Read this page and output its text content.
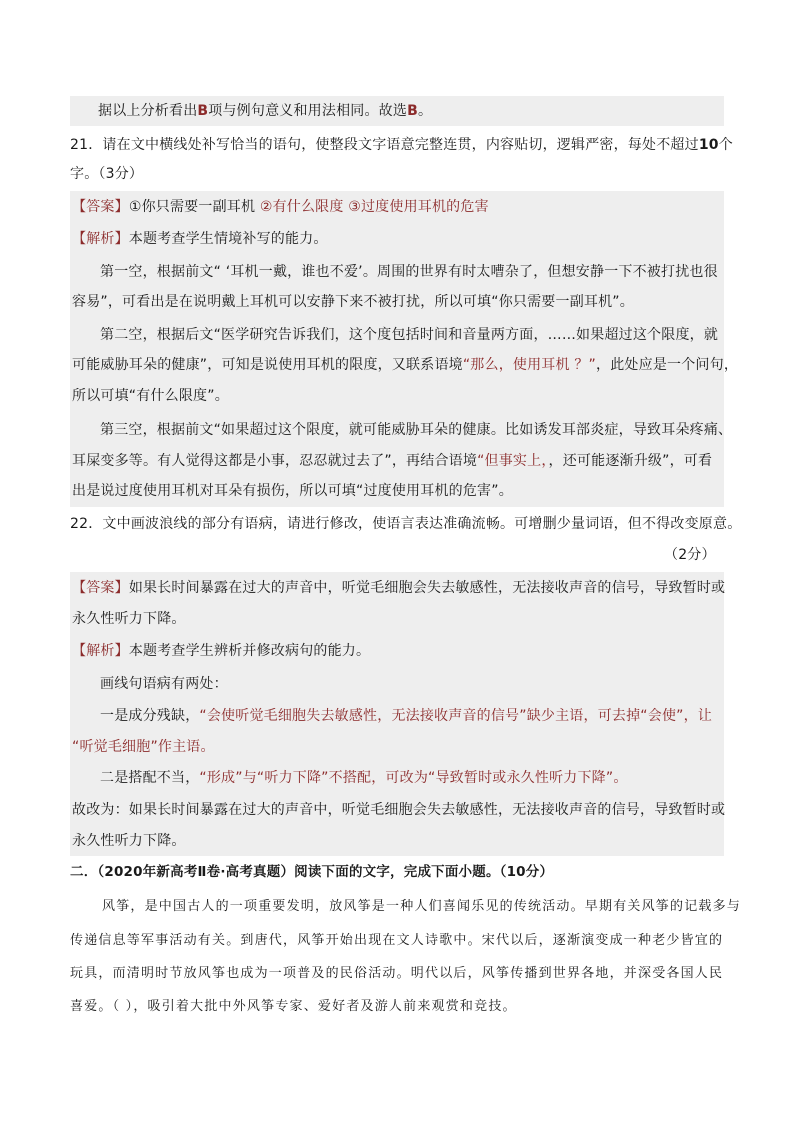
据以上分析看出B项与例句意义和用法相同。故选B。
21．请在文中横线处补写恰当的语句，使整段文字语意完整连贯，内容贴切，逻辑严密，每处不超过10个
字。（3分）
【答案】①你只需要一副耳机 ②有什么限度 ③过度使用耳机的危害
【解析】本题考查学生情境补写的能力。
第一空，根据前文“ ‘耳机一戴，谁也不爱’。周围的世界有时太嘈杂了，但想安静一下不被打扰也很
容易”，可看出是在说明戴上耳机可以安静下来不被打扰，所以可填“你只需要一副耳机”。
第二空，根据后文“医学研究告诉我们，这个度包括时间和音量两方面，……如果超过这个限度，就
可能威胁耳朵的健康”，可知是说使用耳机的限度，又联系语境“那么，使用耳机 ？”，此处应是一个问句，
所以可填“有什么限度”。
第三空，根据前文“如果超过这个限度，就可能威胁耳朵的健康。比如诱发耳部炎症，导致耳朵疼痛、
耳屎变多等。有人觉得这都是小事，忍忍就过去了”，再结合语境“但事实上，，还可能逐渐升级”，可看
出是说过度使用耳机对耳朵有损伤，所以可填“过度使用耳机的危害”。
22．文中画波浪线的部分有语病，请进行修改，使语言表达准确流畅。可增删少量词语，但不得改变原意。
（2分）
【答案】如果长时间暴露在过大的声音中，听觉毛细胞会失去敏感性，无法接收声音的信号，导致暂时或
永久性听力下降。
【解析】本题考查学生辨析并修改病句的能力。
画线句语病有两处：
一是成分残缺，“会使听觉毛细胞失去敏感性，无法接收声音的信号”缺少主语，可去掉“会使”，让
“听觉毛细胞”作主语。
二是搭配不当，“形成”与“听力下降”不搭配，可改为“导致暂时或永久性听力下降”。
故改为：如果长时间暴露在过大的声音中，听觉毛细胞会失去敏感性，无法接收声音的信号，导致暂时或
永久性听力下降。
二．（2020年新高考Ⅱ卷·高考真题）阅读下面的文字，完成下面小题。（10分）
风筝，是中国古人的一项重要发明，放风筝是一种人们喜闻乐见的传统活动。早期有关风筝的记载多与
传递信息等军事活动有关。到唐代，风筝开始出现在文人诗歌中。宋代以后，逐渐演变成一种老少皆宜的
玩具，而清明时节放风筝也成为一项普及的民俗活动。明代以后，风筝传播到世界各地，并深受各国人民
喜爱。（ ），吸引着大批中外风筝专家、爱好者及游人前来观赏和竞技。
